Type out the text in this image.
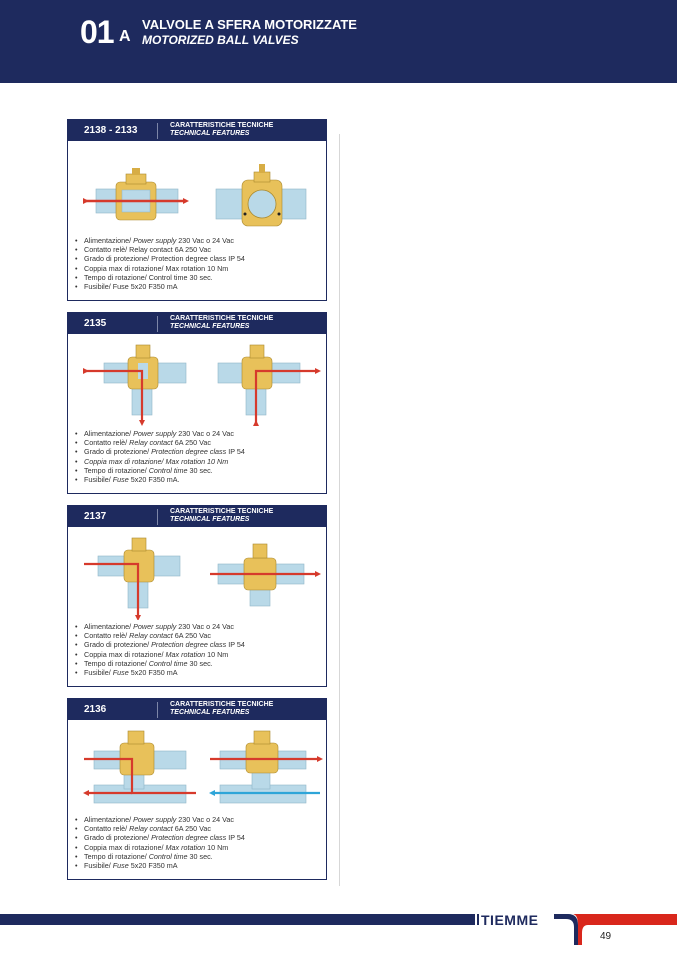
01 A
VALVOLE A SFERA MOTORIZZATE
MOTORIZED BALL VALVES
2138 - 2133	CARATTERISTICHE TECNICHE
TECHNICAL FEATURES
• Alimentazione/ Power supply 230 Vac o 24 Vac
• Contatto relè/ Relay contact 6A 250 Vac
• Grado di protezione/ Protection degree class IP 54
• Coppia max di rotazione/ Max rotation 10 Nm
• Tempo di rotazione/ Control time 30 sec.
• Fusibile/ Fuse 5x20 F350 mA
2135	CARATTERISTICHE TECNICHE
TECHNICAL FEATURES
• Alimentazione/ Power supply 230 Vac o 24 Vac
• Contatto relè/ Relay contact 6A 250 Vac
• Grado di protezione/ Protection degree class IP 54
• Coppia max di rotazione/ Max rotation 10 Nm
• Tempo di rotazione/ Control time 30 sec.
• Fusibile/ Fuse 5x20 F350 mA.
2137	CARATTERISTICHE TECNICHE
TECHNICAL FEATURES
• Alimentazione/ Power supply 230 Vac o 24 Vac
• Contatto relè/ Relay contact 6A 250 Vac
• Grado di protezione/ Protection degree class IP 54
• Coppia max di rotazione/ Max rotation 10 Nm
• Tempo di rotazione/ Control time 30 sec.
• Fusibile/ Fuse 5x20 F350 mA
2136	CARATTERISTICHE TECNICHE
TECHNICAL FEATURES
• Alimentazione/ Power supply 230 Vac o 24 Vac
• Contatto relè/ Relay contact 6A 250 Vac
• Grado di protezione/ Protection degree class IP 54
• Coppia max di rotazione/ Max rotation 10 Nm
• Tempo di rotazione/ Control time 30 sec.
• Fusibile/ Fuse 5x20 F350 mA
TIEMME
49
